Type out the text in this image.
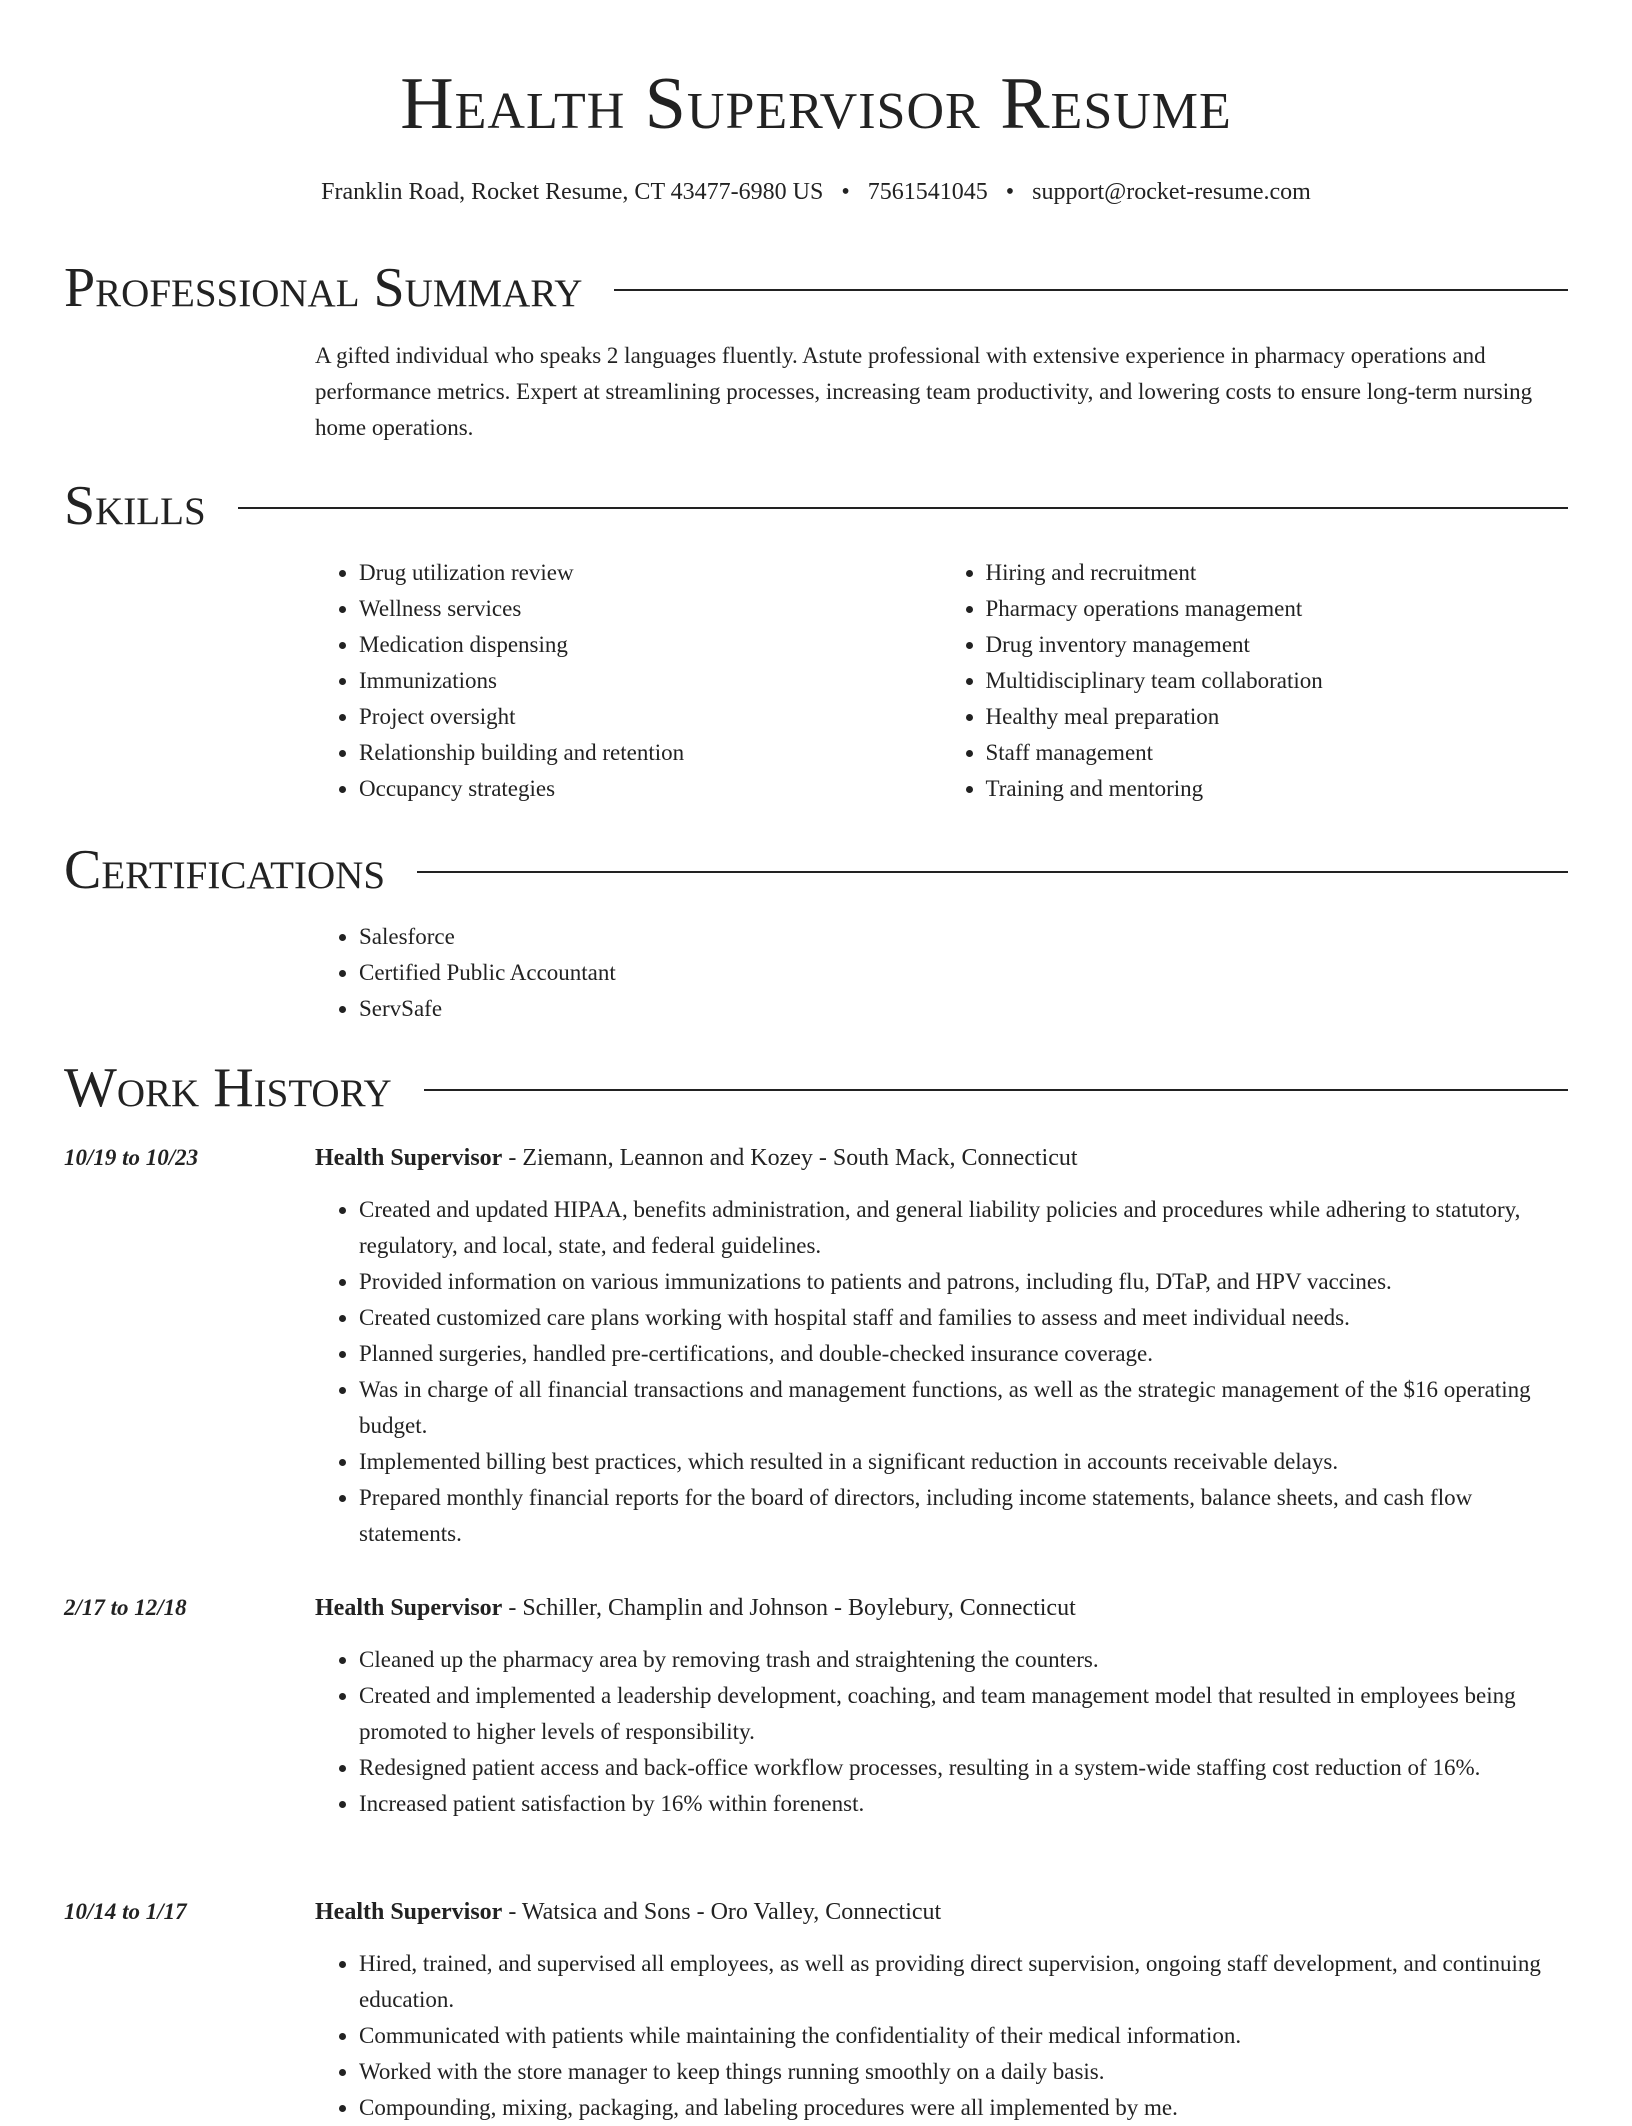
Health Supervisor Resume
Franklin Road, Rocket Resume, CT 43477-6980 US • 7561541045 • support@rocket-resume.com
Professional Summary

A gifted individual who speaks 2 languages fluently. Astute professional with extensive experience in pharmacy operations and performance metrics. Expert at streamlining processes, increasing team productivity, and lowering costs to ensure long-term nursing home operations.

Skills
• Drug utilization review
• Wellness services
• Medication dispensing
• Immunizations
• Project oversight
• Relationship building and retention
• Occupancy strategies
• Hiring and recruitment
• Pharmacy operations management
• Drug inventory management
• Multidisciplinary team collaboration
• Healthy meal preparation
• Staff management
• Training and mentoring
Certifications
• Salesforce
• Certified Public Accountant
• ServSafe
Work History
10/19 to 10/23	Health Supervisor - Ziemann, Leannon and Kozey - South Mack, Connecticut
• Created and updated HIPAA, benefits administration, and general liability policies and procedures while adhering to statutory, regulatory, and local, state, and federal guidelines.
• Provided information on various immunizations to patients and patrons, including flu, DTaP, and HPV vaccines.
• Created customized care plans working with hospital staff and families to assess and meet individual needs.
• Planned surgeries, handled pre-certifications, and double-checked insurance coverage.
• Was in charge of all financial transactions and management functions, as well as the strategic management of the $16 operating budget.
• Implemented billing best practices, which resulted in a significant reduction in accounts receivable delays.
• Prepared monthly financial reports for the board of directors, including income statements, balance sheets, and cash flow statements.
2/17 to 12/18	Health Supervisor - Schiller, Champlin and Johnson - Boylebury, Connecticut
• Cleaned up the pharmacy area by removing trash and straightening the counters.
• Created and implemented a leadership development, coaching, and team management model that resulted in employees being promoted to higher levels of responsibility.
• Redesigned patient access and back-office workflow processes, resulting in a system-wide staffing cost reduction of 16%.
• Increased patient satisfaction by 16% within forenenst.
10/14 to 1/17	Health Supervisor - Watsica and Sons - Oro Valley, Connecticut
• Hired, trained, and supervised all employees, as well as providing direct supervision, ongoing staff development, and continuing education.
• Communicated with patients while maintaining the confidentiality of their medical information.
• Worked with the store manager to keep things running smoothly on a daily basis.
• Compounding, mixing, packaging, and labeling procedures were all implemented by me.
